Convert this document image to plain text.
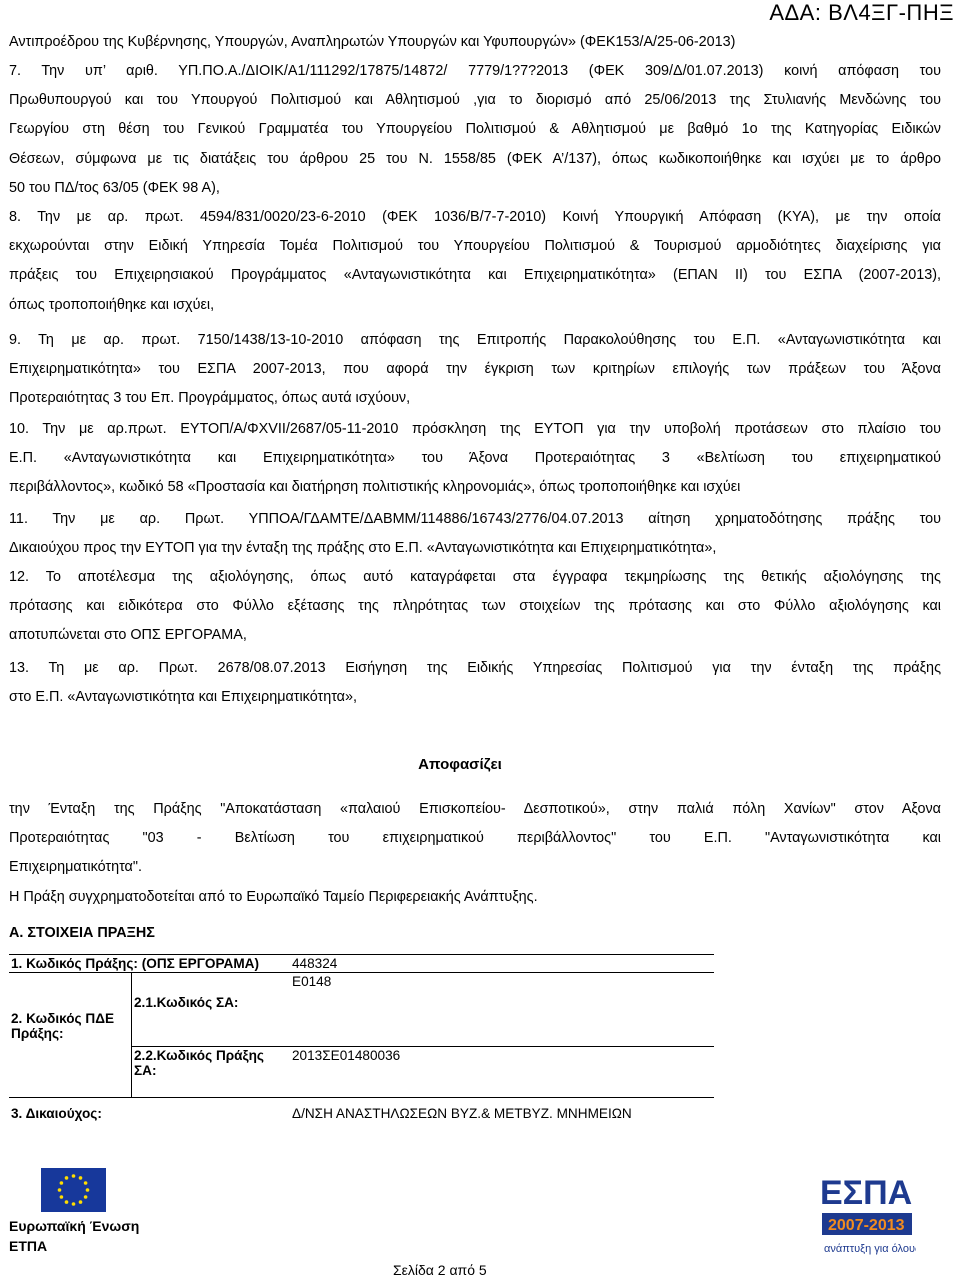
ΑΔΑ: ΒΛ4ΞΓ-ΠΗΞ
Αντιπροέδρου της Κυβέρνησης, Υπουργών, Αναπληρωτών Υπουργών και Υφυπουργών» (ΦΕΚ153/Α/25-06-2013)
7. Την υπ’ αριθ. ΥΠ.ΠΟ.Α./ΔΙΟΙΚ/Α1/111292/17875/14872/ 7779/1?7?2013 (ΦΕΚ 309/Δ/01.07.2013) κοινή απόφαση του
Πρωθυπουργού και του Υπουργού Πολιτισμού και Αθλητισμού ,για το διορισμό από 25/06/2013 της Στυλιανής Μενδώνης του
Γεωργίου στη θέση του Γενικού Γραμματέα του Υπουργείου Πολιτισμού & Αθλητισμού με βαθμό 1ο της Κατηγορίας Ειδικών
Θέσεων, σύμφωνα με τις διατάξεις του άρθρου 25 του Ν. 1558/85 (ΦΕΚ Α’/137), όπως κωδικοποιήθηκε και ισχύει με το άρθρο
50 του ΠΔ/τος 63/05 (ΦΕΚ 98 Α),
8. Την με αρ. πρωτ. 4594/831/0020/23-6-2010 (ΦΕΚ 1036/Β/7-7-2010) Κοινή Υπουργική Απόφαση (ΚΥΑ), με την οποία
εκχωρούνται στην Ειδική Υπηρεσία Τομέα Πολιτισμού του Υπουργείου Πολιτισμού & Τουρισμού αρμοδιότητες διαχείρισης για
πράξεις του Επιχειρησιακού Προγράμματος «Ανταγωνιστικότητα και Επιχειρηματικότητα» (ΕΠΑΝ ΙΙ) του ΕΣΠΑ (2007-2013),
όπως τροποποιήθηκε και ισχύει,
9. Τη με αρ. πρωτ. 7150/1438/13-10-2010 απόφαση της Επιτροπής Παρακολούθησης του Ε.Π. «Ανταγωνιστικότητα και
Επιχειρηματικότητα» του ΕΣΠΑ 2007-2013, που αφορά την έγκριση των κριτηρίων επιλογής των πράξεων του Άξονα
Προτεραιότητας 3 του Επ. Προγράμματος, όπως αυτά ισχύουν,
10. Την με αρ.πρωτ. ΕΥΤΟΠ/Α/ΦΧVII/2687/05-11-2010 πρόσκληση της ΕΥΤΟΠ για την υποβολή προτάσεων στο πλαίσιο του
Ε.Π. «Ανταγωνιστικότητα και Επιχειρηματικότητα» του Άξονα Προτεραιότητας 3 «Βελτίωση του επιχειρηματικού
περιβάλλοντος», κωδικό 58 «Προστασία και διατήρηση πολιτιστικής κληρονομιάς», όπως τροποποιήθηκε και ισχύει
11. Την με αρ. Πρωτ. ΥΠΠΟΑ/ΓΔΑΜΤΕ/ΔΑΒΜΜ/114886/16743/2776/04.07.2013 αίτηση χρηματοδότησης πράξης του
Δικαιούχου προς την ΕΥΤΟΠ για την ένταξη της πράξης στο Ε.Π. «Ανταγωνιστικότητα και Επιχειρηματικότητα»,
12. Το αποτέλεσμα της αξιολόγησης, όπως αυτό καταγράφεται στα έγγραφα τεκμηρίωσης της θετικής αξιολόγησης της
πρότασης και ειδικότερα στο Φύλλο εξέτασης της πληρότητας των στοιχείων της πρότασης και στο Φύλλο αξιολόγησης και
αποτυπώνεται στο ΟΠΣ ΕΡΓΟΡΑΜΑ,
13. Τη με αρ. Πρωτ. 2678/08.07.2013 Εισήγηση της Ειδικής Υπηρεσίας Πολιτισμού για την ένταξη της πράξης
στο Ε.Π. «Ανταγωνιστικότητα και Επιχειρηματικότητα»,
Αποφασίζει
την Ένταξη της Πράξης "Αποκατάσταση «παλαιού Επισκοπείου- Δεσποτικού», στην παλιά πόλη Χανίων" στον Αξονα
Προτεραιότητας "03 - Βελτίωση του επιχειρηματικού περιβάλλοντος" του Ε.Π. "Ανταγωνιστικότητα και
Επιχειρηματικότητα".
Η Πράξη συγχρηματοδοτείται από το Ευρωπαϊκό Ταμείο Περιφερειακής Ανάπτυξης.
Α. ΣΤΟΙΧΕΙΑ ΠΡΑΞΗΣ
1. Κωδικός Πράξης: (ΟΠΣ ΕΡΓΟΡΑΜΑ)			448324
2. Κωδικός ΠΔΕ Πράξης:	2.1.Κωδικός ΣΑ:		Ε0148
	2.2.Κωδικός Πράξης ΣΑ:		2013ΣΕ01480036
3. Δικαιούχος:			Δ/ΝΣΗ ΑΝΑΣΤΗΛΩΣΕΩΝ ΒΥΖ.& ΜΕΤΒΥΖ. ΜΝΗΜΕΙΩΝ
Ευρωπαϊκή Ένωση
ΕΤΠΑ
Σελίδα 2 από 5
ΕΣΠΑ
2007-2013
ανάπτυξη για όλους
